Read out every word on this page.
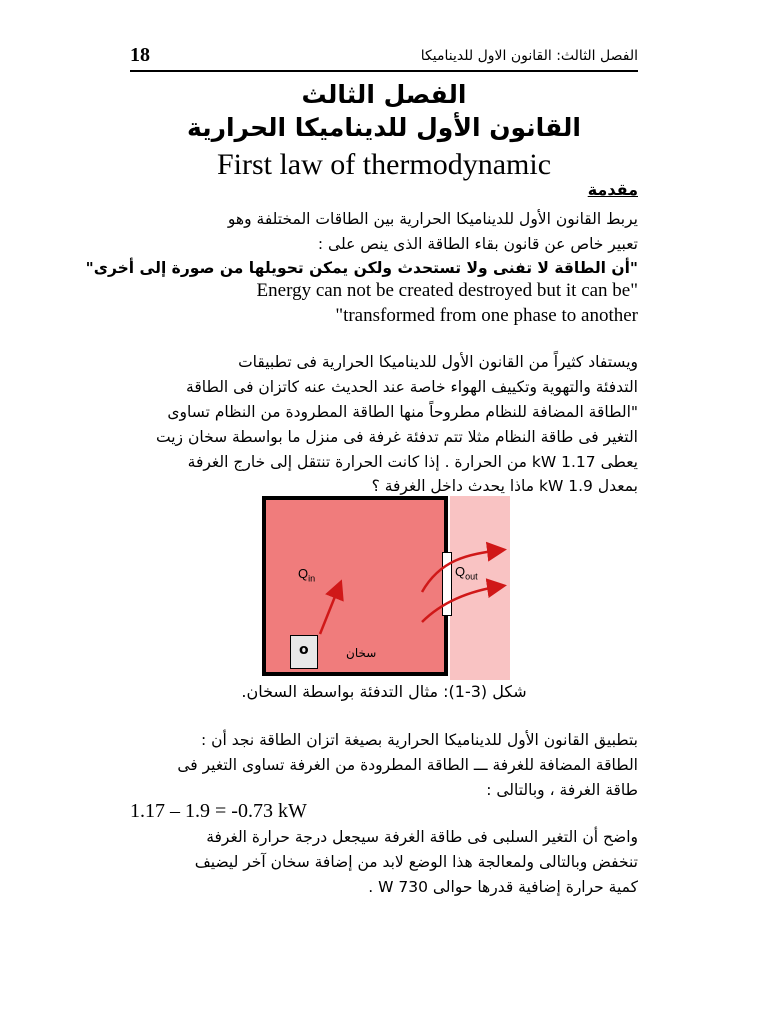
18	الفصل الثالث: القانون الاول للديناميكا
الفصل الثالث
القانون الأول للديناميكا الحرارية
First law of thermodynamic
مقدمة
يربط القانون الأول للديناميكا الحرارية بين الطاقات المختلفة وهو
تعبير خاص عن قانون بقاء الطاقة الذى ينص على :
"أن الطاقة لا تفنى ولا تستحدث ولكن يمكن تحويلها من صورة إلى أخرى"
Energy can not be created destroyed but it can be"
"transformed from one phase to another
ويستفاد كثيراً من القانون الأول للديناميكا الحرارية فى تطبيقات
التدفئة والتهوية وتكييف الهواء خاصة عند الحديث عنه كاتزان فى الطاقة
"الطاقة المضافة للنظام مطروحاً منها الطاقة المطرودة من النظام تساوى
التغير فى طاقة النظام مثلا تتم تدفئة غرفة فى منزل ما بواسطة سخان زيت
يعطى 1.17 kW من الحرارة . إذا كانت الحرارة تنتقل إلى خارج الغرفة
بمعدل 1.9 kW ماذا يحدث داخل الغرفة ؟
o	سخان
$Q_{in}$	$Q_{out}$
شكل (3-1): مثال التدفئة بواسطة السخان.
بتطبيق القانون الأول للديناميكا الحرارية بصيغة اتزان الطاقة نجد أن :
الطاقة المضافة للغرفة ـــ الطاقة المطرودة من الغرفة تساوى التغير فى
طاقة الغرفة ، وبالتالى :
1.17 – 1.9 = -0.73 kW
واضح أن التغير السلبى فى طاقة الغرفة سيجعل درجة حرارة الغرفة
تنخفض وبالتالى ولمعالجة هذا الوضع لابد من إضافة سخان آخر ليضيف
كمية حرارة إضافية قدرها حوالى 730 W .
